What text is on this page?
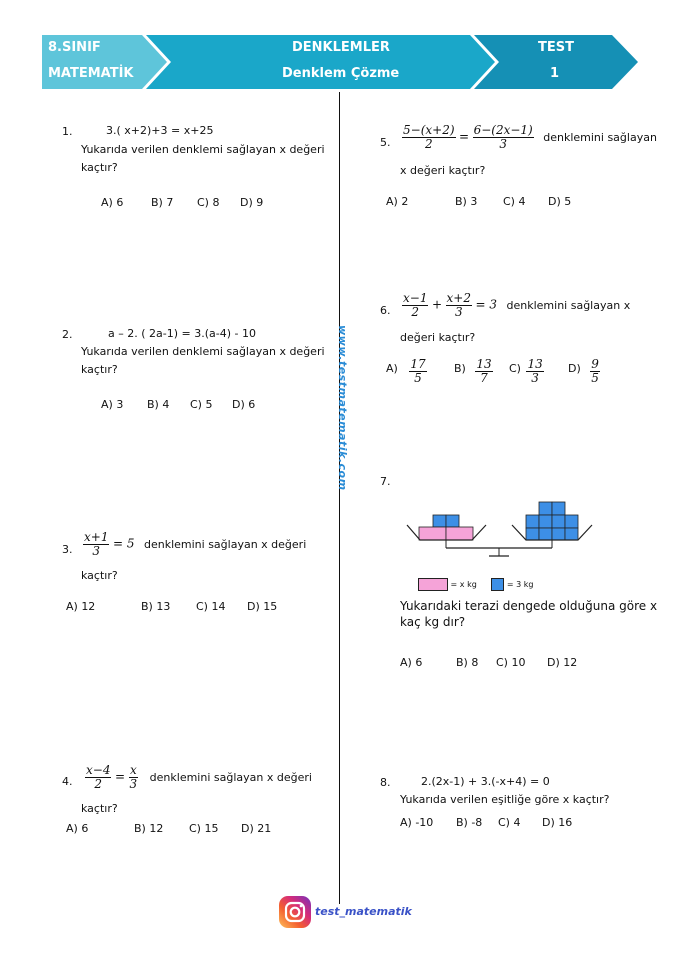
8.SINIF
MATEMATİK
DENKLEMLER
Denklem Çözme
TEST
1
www.testmatematik.com
1.	3.( x+2)+3 = x+25
Yukarıda verilen denklemi sağlayan x değeri
kaçtır?
A) 6	B) 7 C) 8 D) 9
2.	a – 2. ( 2a-1) = 3.(a-4) - 10
Yukarıda verilen denklemi sağlayan x değeri
kaçtır?
A) 3 B) 4 C) 5 D) 6
3. $\frac{x+1}{3} = 5$ denklemini sağlayan x değeri
kaçtır?
A) 12	B) 13 C) 14 D) 15
4. $\frac{x-4}{2} = \frac{x}{3}$ denklemini sağlayan x değeri
kaçtır?
A) 6	B) 12 C) 15 D) 21
5. $\frac{5-(x+2)}{2} = \frac{6-(2x-1)}{3}$ denklemini sağlayan
x değeri kaçtır?
A) 2	B) 3 C) 4 D) 5
6. $\frac{x-1}{2} + \frac{x+2}{3} = 3$ denklemini sağlayan x
değeri kaçtır?
$A) \frac{17}{5} B) \frac{13}{7} C) \frac{13}{3} D) \frac{9}{5}$
7.
= x kg	= 3 kg
Yukarıdaki terazi dengede olduğuna göre x
kaç kg dır?
A) 6	B) 8 C) 10 D) 12
8.	2.(2x-1) + 3.(-x+4) = 0
Yukarıda verilen eşitliğe göre x kaçtır?
A) -10 B) -8 C) 4 D) 16
test_matematik
